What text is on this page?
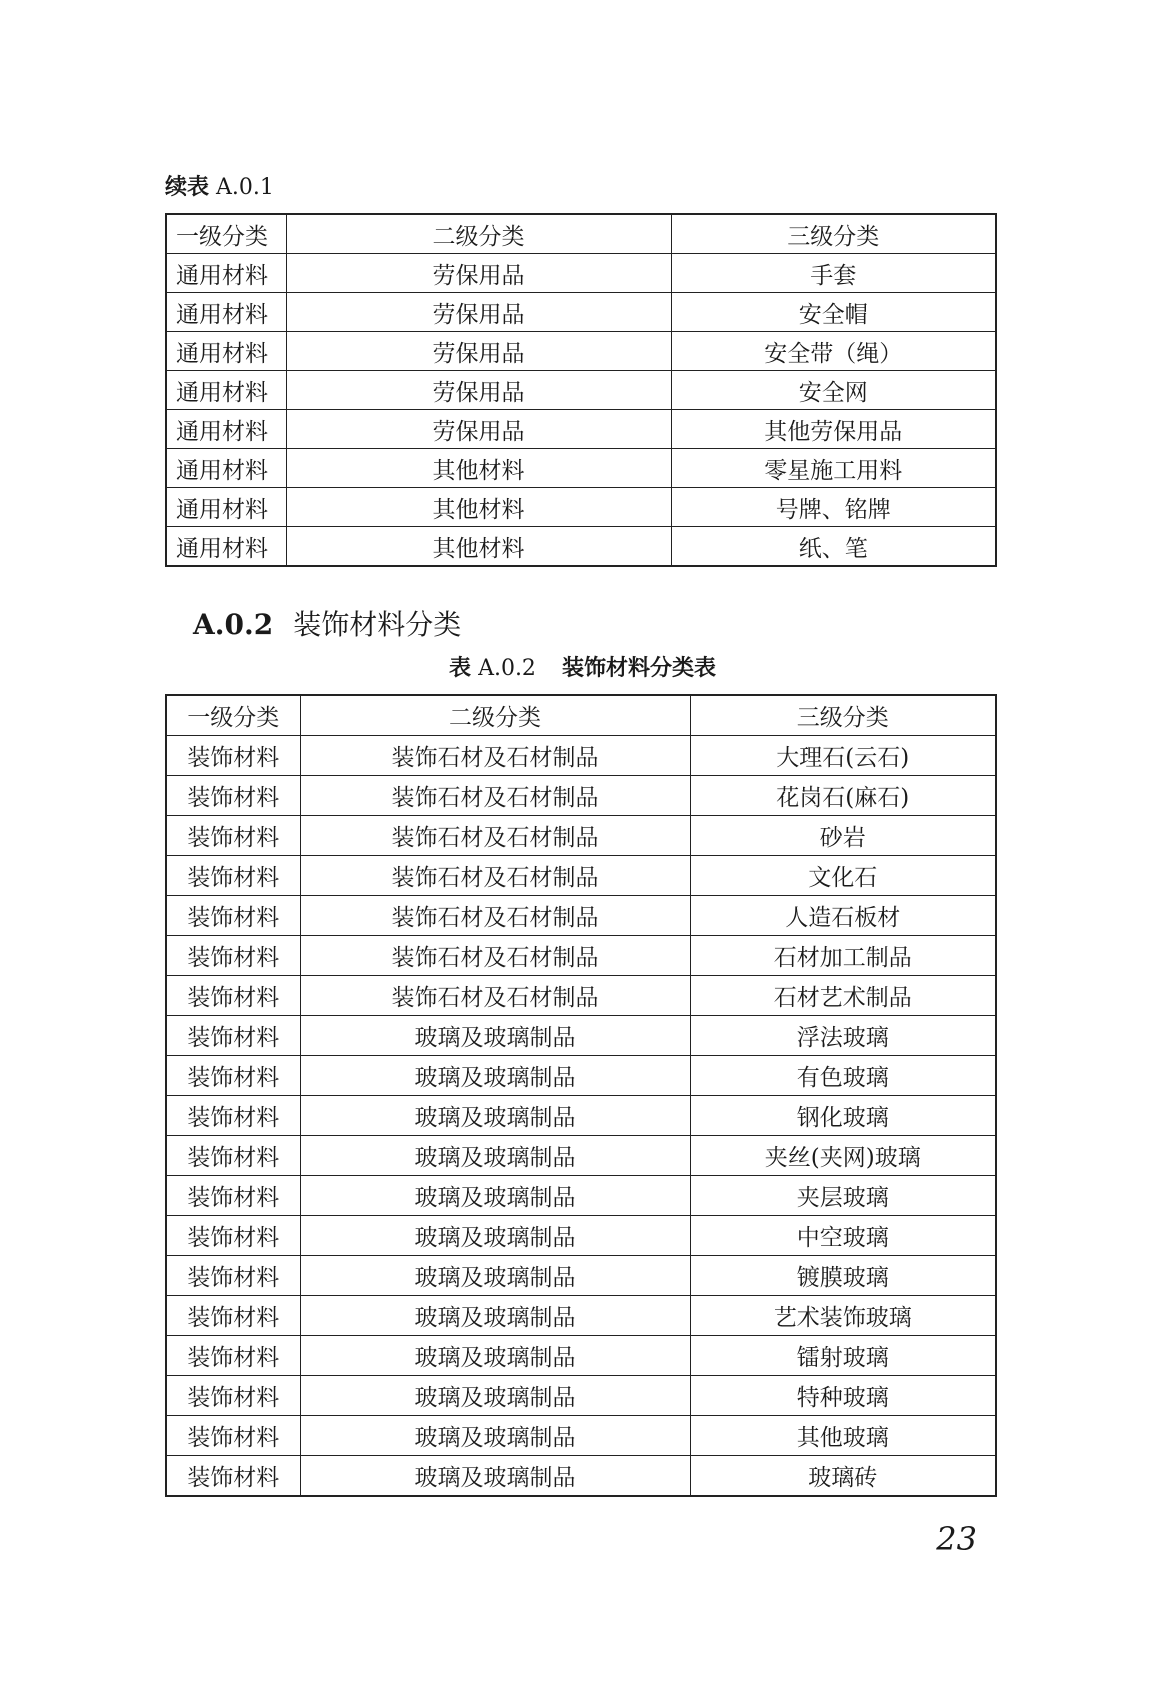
续表 A.0.1
一级分类	二级分类	三级分类
通用材料	劳保用品	手套
通用材料	劳保用品	安全帽
通用材料	劳保用品	安全带（绳）
通用材料	劳保用品	安全网
通用材料	劳保用品	其他劳保用品
通用材料	其他材料	零星施工用料
通用材料	其他材料	号牌、铭牌
通用材料	其他材料	纸、笔
A.0.2 装饰材料分类
表 A.0.2 装饰材料分类表
一级分类	二级分类	三级分类
装饰材料	装饰石材及石材制品	大理石(云石)
装饰材料	装饰石材及石材制品	花岗石(麻石)
装饰材料	装饰石材及石材制品	砂岩
装饰材料	装饰石材及石材制品	文化石
装饰材料	装饰石材及石材制品	人造石板材
装饰材料	装饰石材及石材制品	石材加工制品
装饰材料	装饰石材及石材制品	石材艺术制品
装饰材料	玻璃及玻璃制品	浮法玻璃
装饰材料	玻璃及玻璃制品	有色玻璃
装饰材料	玻璃及玻璃制品	钢化玻璃
装饰材料	玻璃及玻璃制品	夹丝(夹网)玻璃
装饰材料	玻璃及玻璃制品	夹层玻璃
装饰材料	玻璃及玻璃制品	中空玻璃
装饰材料	玻璃及玻璃制品	镀膜玻璃
装饰材料	玻璃及玻璃制品	艺术装饰玻璃
装饰材料	玻璃及玻璃制品	镭射玻璃
装饰材料	玻璃及玻璃制品	特种玻璃
装饰材料	玻璃及玻璃制品	其他玻璃
装饰材料	玻璃及玻璃制品	玻璃砖
23
